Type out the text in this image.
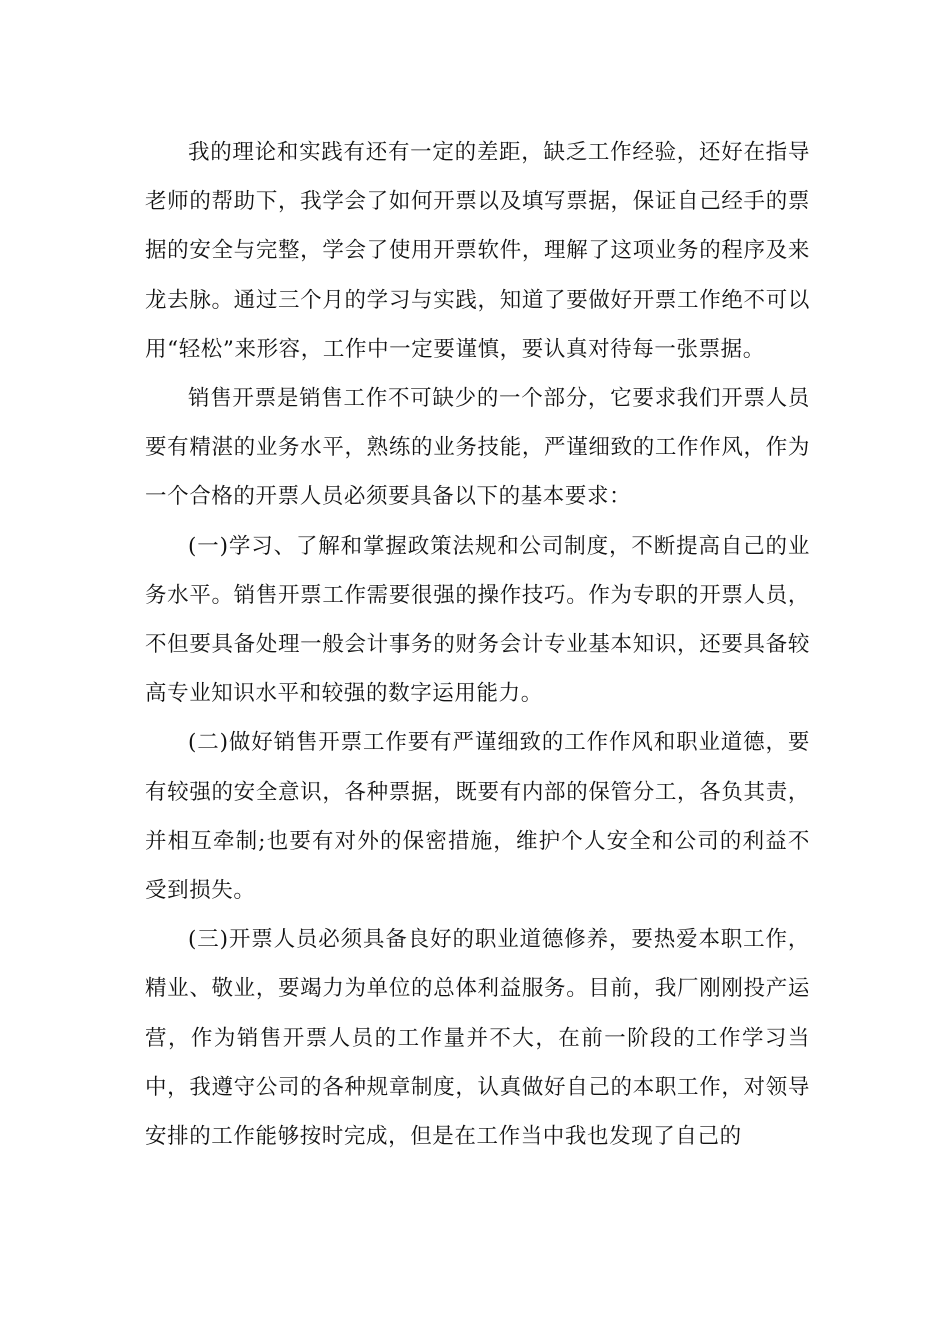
我的理论和实践有还有一定的差距，缺乏工作经验，还好在指导老师的帮助下，我学会了如何开票以及填写票据，保证自己经手的票据的安全与完整，学会了使用开票软件，理解了这项业务的程序及来龙去脉。通过三个月的学习与实践，知道了要做好开票工作绝不可以用“轻松”来形容，工作中一定要谨慎，要认真对待每一张票据。

销售开票是销售工作不可缺少的一个部分，它要求我们开票人员要有精湛的业务水平，熟练的业务技能，严谨细致的工作作风，作为一个合格的开票人员必须要具备以下的基本要求：

(一)学习、了解和掌握政策法规和公司制度，不断提高自己的业务水平。销售开票工作需要很强的操作技巧。作为专职的开票人员，不但要具备处理一般会计事务的财务会计专业基本知识，还要具备较高专业知识水平和较强的数字运用能力。

(二)做好销售开票工作要有严谨细致的工作作风和职业道德，要有较强的安全意识，各种票据，既要有内部的保管分工，各负其责，并相互牵制;也要有对外的保密措施，维护个人安全和公司的利益不受到损失。

(三)开票人员必须具备良好的职业道德修养，要热爱本职工作，精业、敬业，要竭力为单位的总体利益服务。目前，我厂刚刚投产运营，作为销售开票人员的工作量并不大，在前一阶段的工作学习当中，我遵守公司的各种规章制度，认真做好自己的本职工作，对领导安排的工作能够按时完成，但是在工作当中我也发现了自己的
